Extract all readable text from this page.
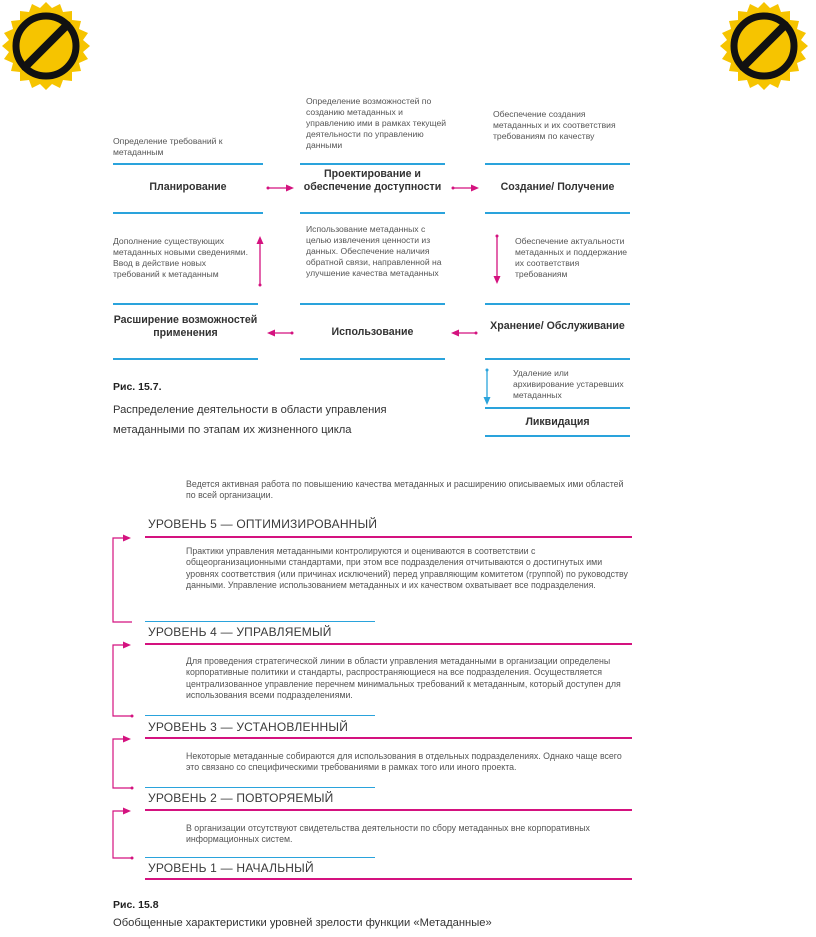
Определение требований к метаданным
Определение возможностей по созданию метаданных и управлению ими в рамках текущей деятельности по управлению данными
Обеспечение создания метаданных и их соответствия требованиям по качеству
Планирование
Проектирование и обеспечение доступности	Создание/ Получение
Дополнение существующих метаданных новыми сведениями. Ввод в действие новых требований к метаданным
Использование метаданных с целью извлечения ценности из данных. Обеспечение наличия обратной связи, направленной на улучшение качества метаданных
Обеспечение актуальности метаданных и поддержание их соответствия требованиям
Расширение возможностей применения	Использование	Хранение/ Обслуживание
Удаление или архивирование устаревших метаданных
Ликвидация
Рис. 15.7.
Распределение деятельности в области управления
метаданными по этапам их жизненного цикла
Ведется активная работа по повышению качества метаданных и расширению описываемых ими областей по всей организации.
УРОВЕНЬ 5 — ОПТИМИЗИРОВАННЫЙ
Практики управления метаданными контролируются и оцениваются в соответствии с общеорганизационными стандартами, при этом все подразделения отчитываются о достигнутых ими уровнях соответствия (или причинах исключений) перед управляющим комитетом (группой) по руководству данными. Управление использованием метаданных и их качеством охватывает все подразделения.
УРОВЕНЬ 4 — УПРАВЛЯЕМЫЙ
Для проведения стратегической линии в области управления метаданными в организации определены корпоративные политики и стандарты, распространяющиеся на все подразделения. Осуществляется централизованное управление перечнем минимальных требований к метаданным, который доступен для использования всеми подразделениями.
УРОВЕНЬ 3 — УСТАНОВЛЕННЫЙ
Некоторые метаданные собираются для использования в отдельных подразделениях. Однако чаще всего это связано со специфическими требованиями в рамках того или иного проекта.
УРОВЕНЬ 2 — ПОВТОРЯЕМЫЙ
В организации отсутствуют свидетельства деятельности по сбору метаданных вне корпоративных информационных систем.
УРОВЕНЬ 1 — НАЧАЛЬНЫЙ
Рис. 15.8
Обобщенные характеристики уровней зрелости функции «Метаданные»
